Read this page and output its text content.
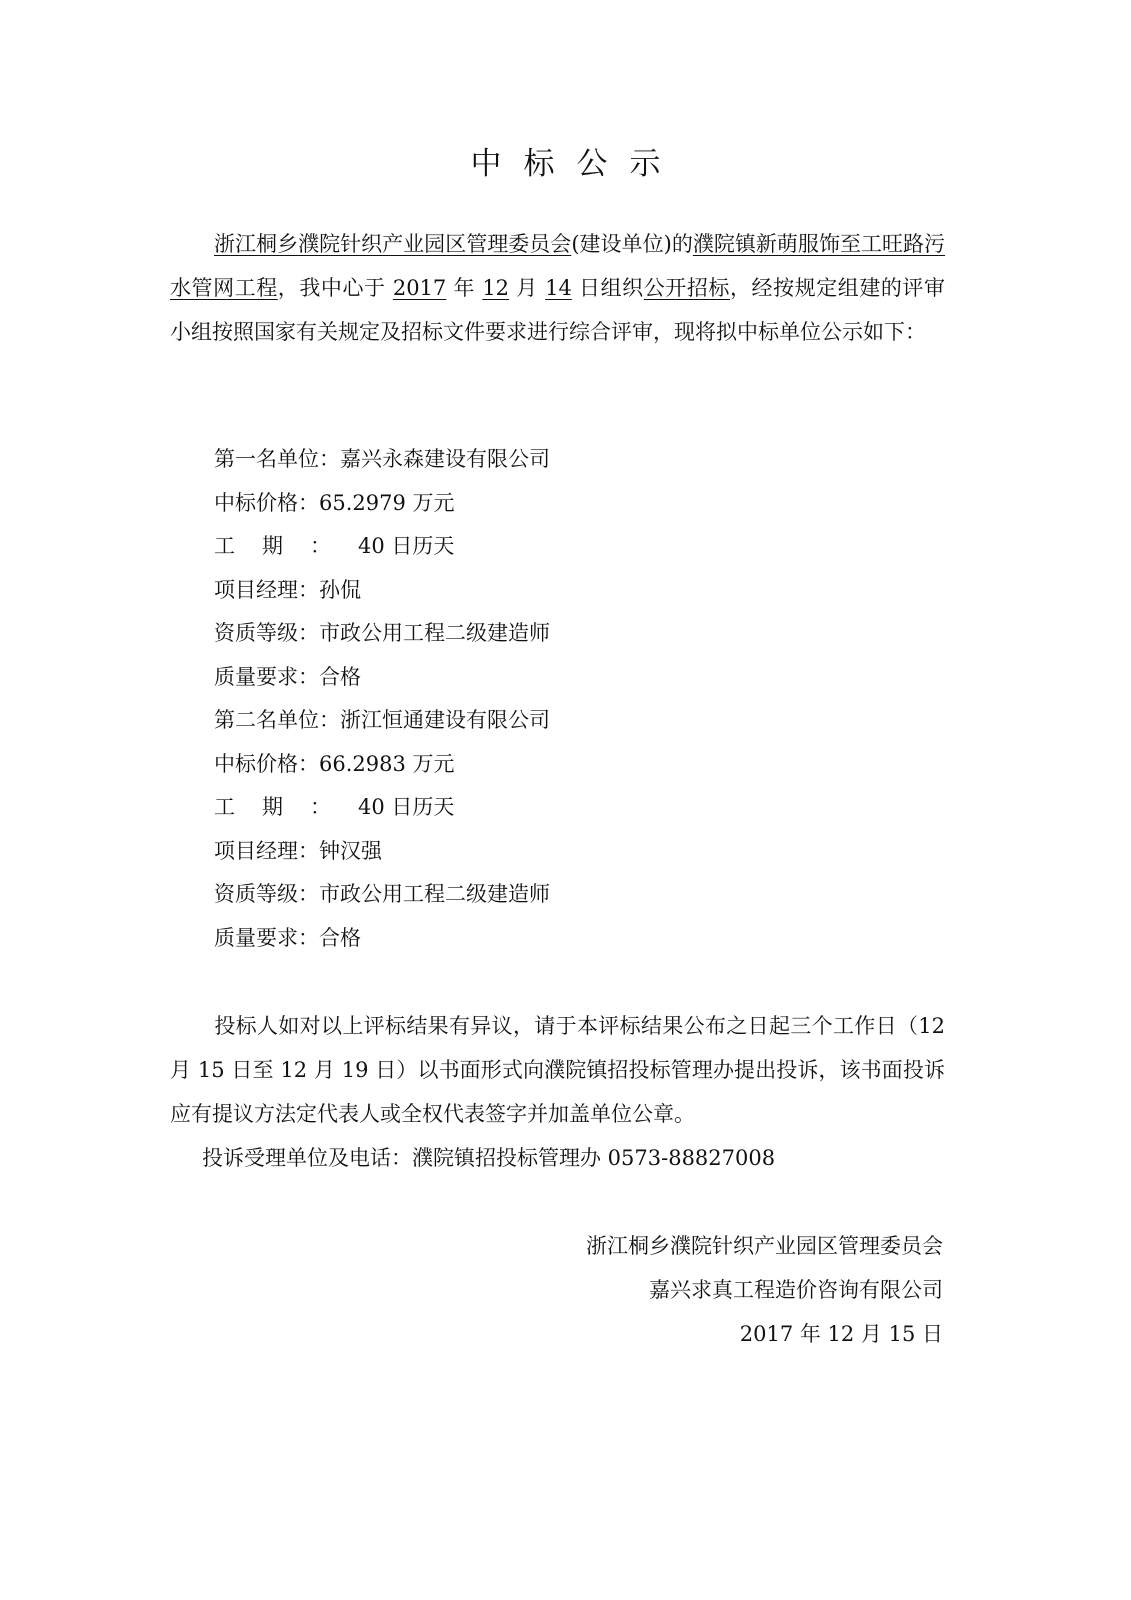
中标公示
浙江桐乡濮院针织产业园区管理委员会(建设单位)的濮院镇新萌服饰至工旺路污水管网工程，我中心于 2017 年 12 月 14 日组织公开招标，经按规定组建的评审小组按照国家有关规定及招标文件要求进行综合评审，现将拟中标单位公示如下：
第一名单位：嘉兴永森建设有限公司
中标价格：65.2979 万元
工期：40 日历天
项目经理：孙侃
资质等级：市政公用工程二级建造师
质量要求：合格
第二名单位：浙江恒通建设有限公司
中标价格：66.2983 万元
工期：40 日历天
项目经理：钟汉强
资质等级：市政公用工程二级建造师
质量要求：合格
投标人如对以上评标结果有异议，请于本评标结果公布之日起三个工作日（12 月 15 日至 12 月 19 日）以书面形式向濮院镇招投标管理办提出投诉，该书面投诉应有提议方法定代表人或全权代表签字并加盖单位公章。
投诉受理单位及电话：濮院镇招投标管理办 0573-88827008
浙江桐乡濮院针织产业园区管理委员会
嘉兴求真工程造价咨询有限公司
2017 年 12 月 15 日
